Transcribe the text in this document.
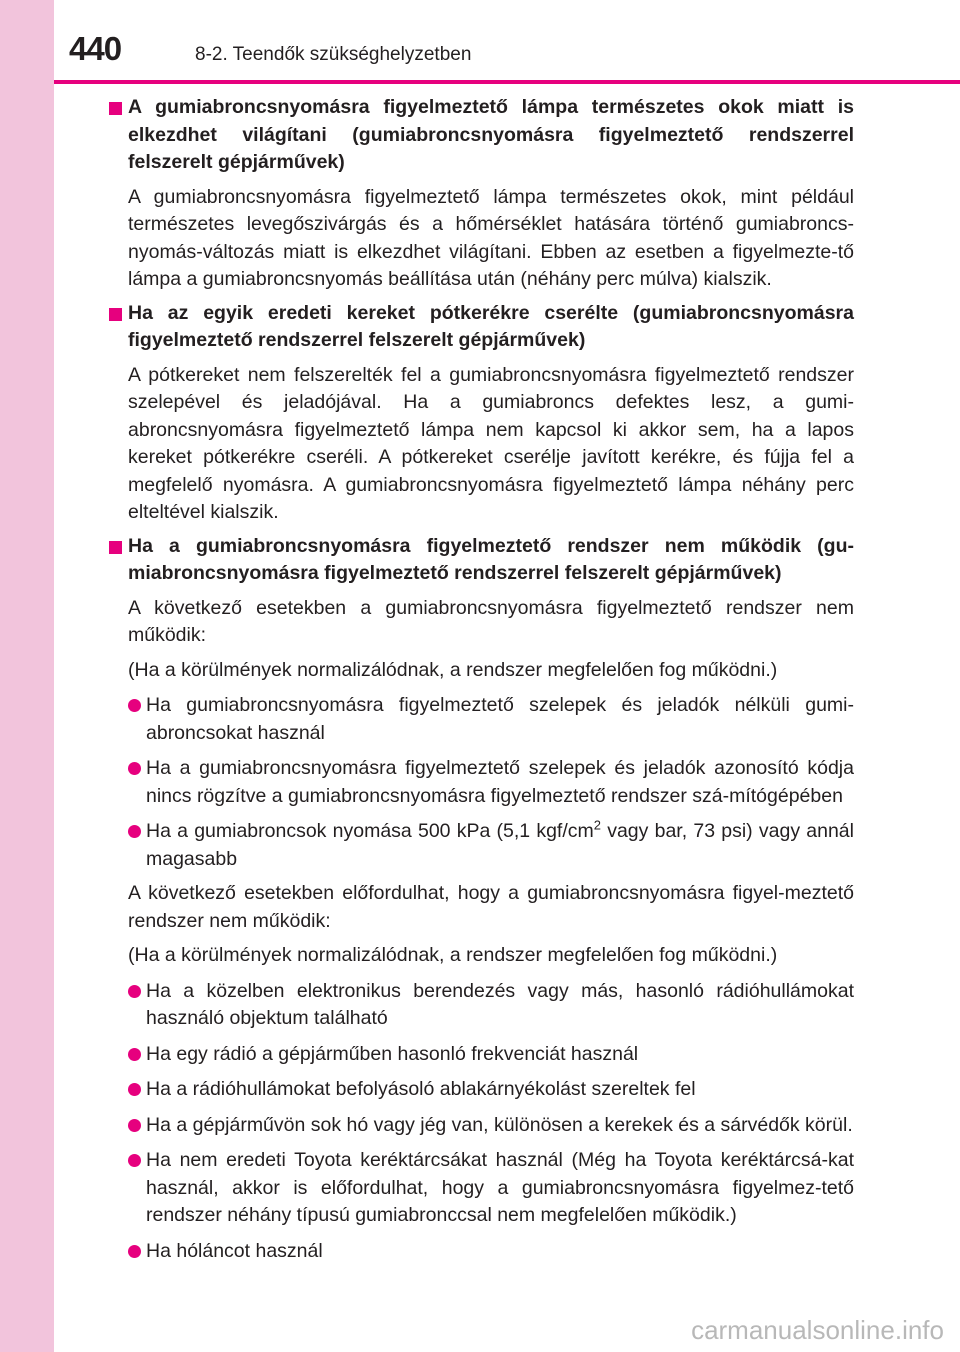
440	8-2. Teendők szükséghelyzetben

A gumiabroncsnyomásra figyelmeztető lámpa természetes okok miatt is elkezdhet világítani (gumiabroncsnyomásra figyelmeztető rendszerrel felszerelt gépjárművek)

A gumiabroncsnyomásra figyelmeztető lámpa természetes okok, mint például természetes levegőszivárgás és a hőmérséklet hatására történő gumiabroncs-nyomás-változás miatt is elkezdhet világítani. Ebben az esetben a figyelmezte-tő lámpa a gumiabroncsnyomás beállítása után (néhány perc múlva) kialszik.

Ha az egyik eredeti kereket pótkerékre cserélte (gumiabroncsnyomásra figyelmeztető rendszerrel felszerelt gépjárművek)

A pótkereket nem felszerelték fel a gumiabroncsnyomásra figyelmeztető rendszer szelepével és jeladójával. Ha a gumiabroncs defektes lesz, a gumi-abroncsnyomásra figyelmeztető lámpa nem kapcsol ki akkor sem, ha a lapos kereket pótkerékre cseréli. A pótkereket cserélje javított kerékre, és fújja fel a megfelelő nyomásra. A gumiabroncsnyomásra figyelmeztető lámpa néhány perc elteltével kialszik.

Ha a gumiabroncsnyomásra figyelmeztető rendszer nem működik (gu-miabroncsnyomásra figyelmeztető rendszerrel felszerelt gépjárművek)

A következő esetekben a gumiabroncsnyomásra figyelmeztető rendszer nem működik:

(Ha a körülmények normalizálódnak, a rendszer megfelelően fog működni.)

Ha gumiabroncsnyomásra figyelmeztető szelepek és jeladók nélküli gumi-abroncsokat használ
Ha a gumiabroncsnyomásra figyelmeztető szelepek és jeladók azonosító kódja nincs rögzítve a gumiabroncsnyomásra figyelmeztető rendszer szá-mítógépében
Ha a gumiabroncsok nyomása 500 kPa (5,1 kgf/$cm^2$ vagy bar, 73 psi) vagy annál magasabb

A következő esetekben előfordulhat, hogy a gumiabroncsnyomásra figyel-meztető rendszer nem működik:

(Ha a körülmények normalizálódnak, a rendszer megfelelően fog működni.)

Ha a közelben elektronikus berendezés vagy más, hasonló rádióhullámokat használó objektum található
Ha egy rádió a gépjárműben hasonló frekvenciát használ
Ha a rádióhullámokat befolyásoló ablakárnyékolást szereltek fel
Ha a gépjárművön sok hó vagy jég van, különösen a kerekek és a sárvédők körül.
Ha nem eredeti Toyota keréktárcsákat használ (Még ha Toyota keréktárcsá-kat használ, akkor is előfordulhat, hogy a gumiabroncsnyomásra figyelmez-tető rendszer néhány típusú gumiabronccsal nem megfelelően működik.)
Ha hóláncot használ
carmanualsonline.info
